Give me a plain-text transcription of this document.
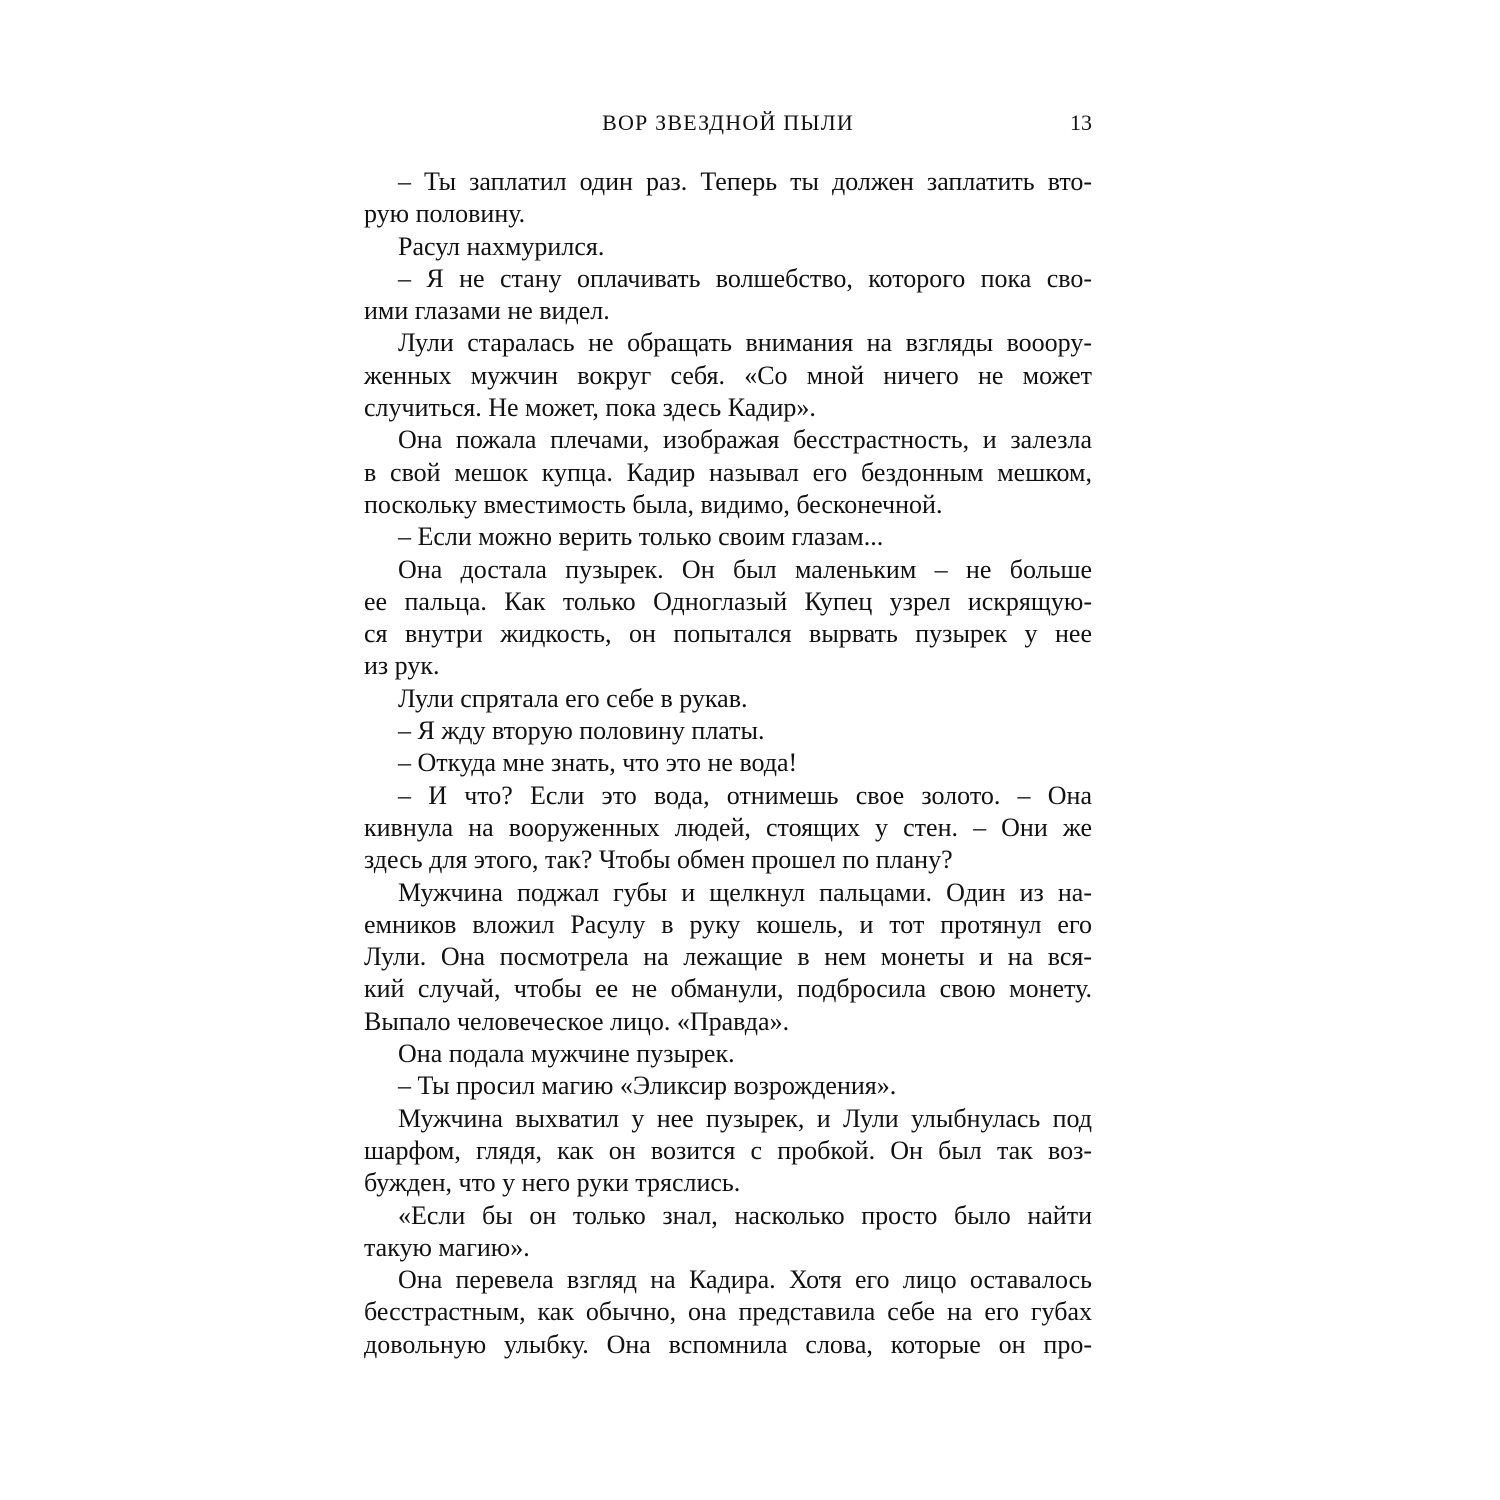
ВОР ЗВЕЗДНОЙ ПЫЛИ	13
– Ты заплатил один раз. Теперь ты должен заплатить вто-
рую половину.
Расул нахмурился.
– Я не стану оплачивать волшебство, которого пока сво-
ими глазами не видел.
Лули старалась не обращать внимания на взгляды вооору-
женных мужчин вокруг себя. «Со мной ничего не может
случиться. Не может, пока здесь Кадир».
Она пожала плечами, изображая бесстрастность, и залезла
в свой мешок купца. Кадир называл его бездонным мешком,
поскольку вместимость была, видимо, бесконечной.
– Если можно верить только своим глазам...
Она достала пузырек. Он был маленьким – не больше
ее пальца. Как только Одноглазый Купец узрел искрящую-
ся внутри жидкость, он попытался вырвать пузырек у нее
из рук.
Лули спрятала его себе в рукав.
– Я жду вторую половину платы.
– Откуда мне знать, что это не вода!
– И что? Если это вода, отнимешь свое золото. – Она
кивнула на вооруженных людей, стоящих у стен. – Они же
здесь для этого, так? Чтобы обмен прошел по плану?
Мужчина поджал губы и щелкнул пальцами. Один из на-
емников вложил Расулу в руку кошель, и тот протянул его
Лули. Она посмотрела на лежащие в нем монеты и на вся-
кий случай, чтобы ее не обманули, подбросила свою монету.
Выпало человеческое лицо. «Правда».
Она подала мужчине пузырек.
– Ты просил магию «Эликсир возрождения».
Мужчина выхватил у нее пузырек, и Лули улыбнулась под
шарфом, глядя, как он возится с пробкой. Он был так воз-
бужден, что у него руки тряслись.
«Если бы он только знал, насколько просто было найти
такую магию».
Она перевела взгляд на Кадира. Хотя его лицо оставалось
бесстрастным, как обычно, она представила себе на его губах
довольную улыбку. Она вспомнила слова, которые он про-
